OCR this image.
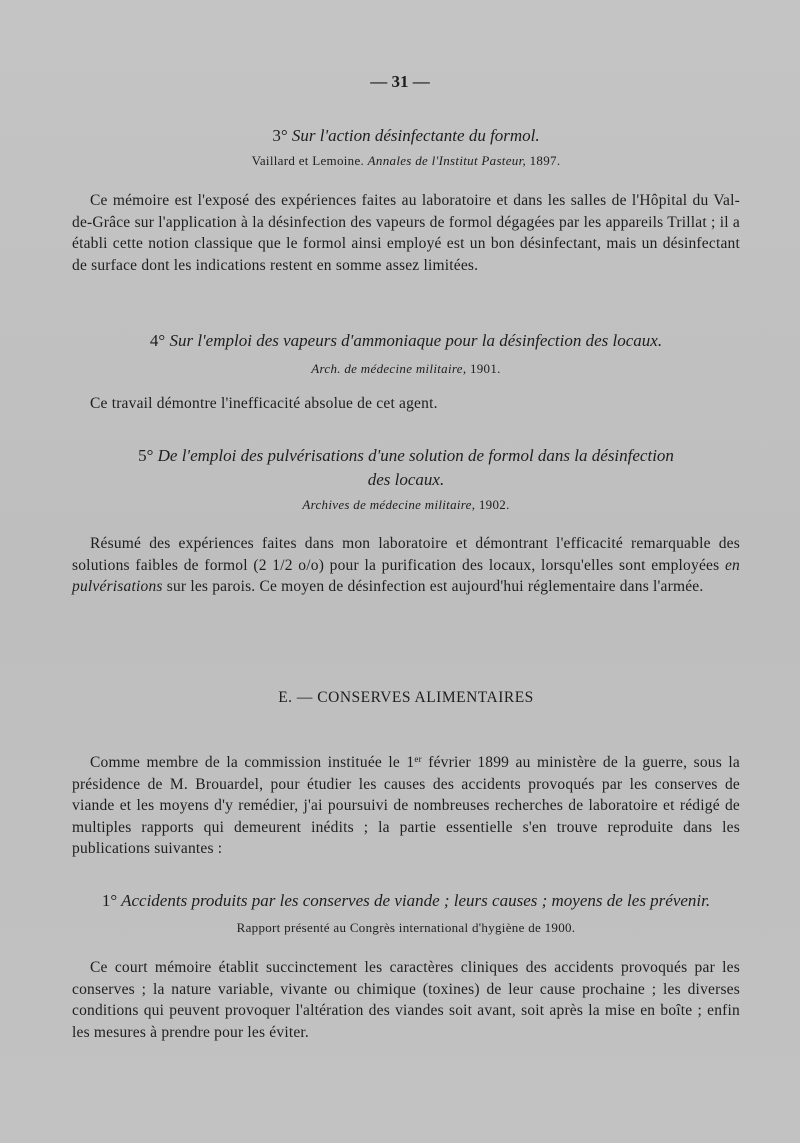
— 31 —
3° Sur l'action désinfectante du formol.
Vaillard et Lemoine. Annales de l'Institut Pasteur, 1897.
Ce mémoire est l'exposé des expériences faites au laboratoire et dans les salles de l'Hôpital du Val-de-Grâce sur l'application à la désinfection des vapeurs de formol dégagées par les appareils Trillat ; il a établi cette notion classique que le formol ainsi employé est un bon désinfectant, mais un désinfectant de surface dont les indications restent en somme assez limitées.
4° Sur l'emploi des vapeurs d'ammoniaque pour la désinfection des locaux.
Arch. de médecine militaire, 1901.
Ce travail démontre l'inefficacité absolue de cet agent.
5° De l'emploi des pulvérisations d'une solution de formol dans la désinfection
des locaux.
Archives de médecine militaire, 1902.
Résumé des expériences faites dans mon laboratoire et démontrant l'efficacité remarquable des solutions faibles de formol (2 1/2 o/o) pour la purification des locaux, lorsqu'elles sont employées en pulvérisations sur les parois. Ce moyen de désinfection est aujourd'hui réglementaire dans l'armée.
E. — CONSERVES ALIMENTAIRES
Comme membre de la commission instituée le 1er février 1899 au ministère de la guerre, sous la présidence de M. Brouardel, pour étudier les causes des accidents provoqués par les conserves de viande et les moyens d'y remédier, j'ai poursuivi de nombreuses recherches de laboratoire et rédigé de multiples rapports qui demeurent inédits ; la partie essentielle s'en trouve reproduite dans les publications suivantes :
1° Accidents produits par les conserves de viande ; leurs causes ; moyens de les prévenir.
Rapport présenté au Congrès international d'hygiène de 1900.
Ce court mémoire établit succinctement les caractères cliniques des accidents provoqués par les conserves ; la nature variable, vivante ou chimique (toxines) de leur cause prochaine ; les diverses conditions qui peuvent provoquer l'altération des viandes soit avant, soit après la mise en boîte ; enfin les mesures à prendre pour les éviter.
